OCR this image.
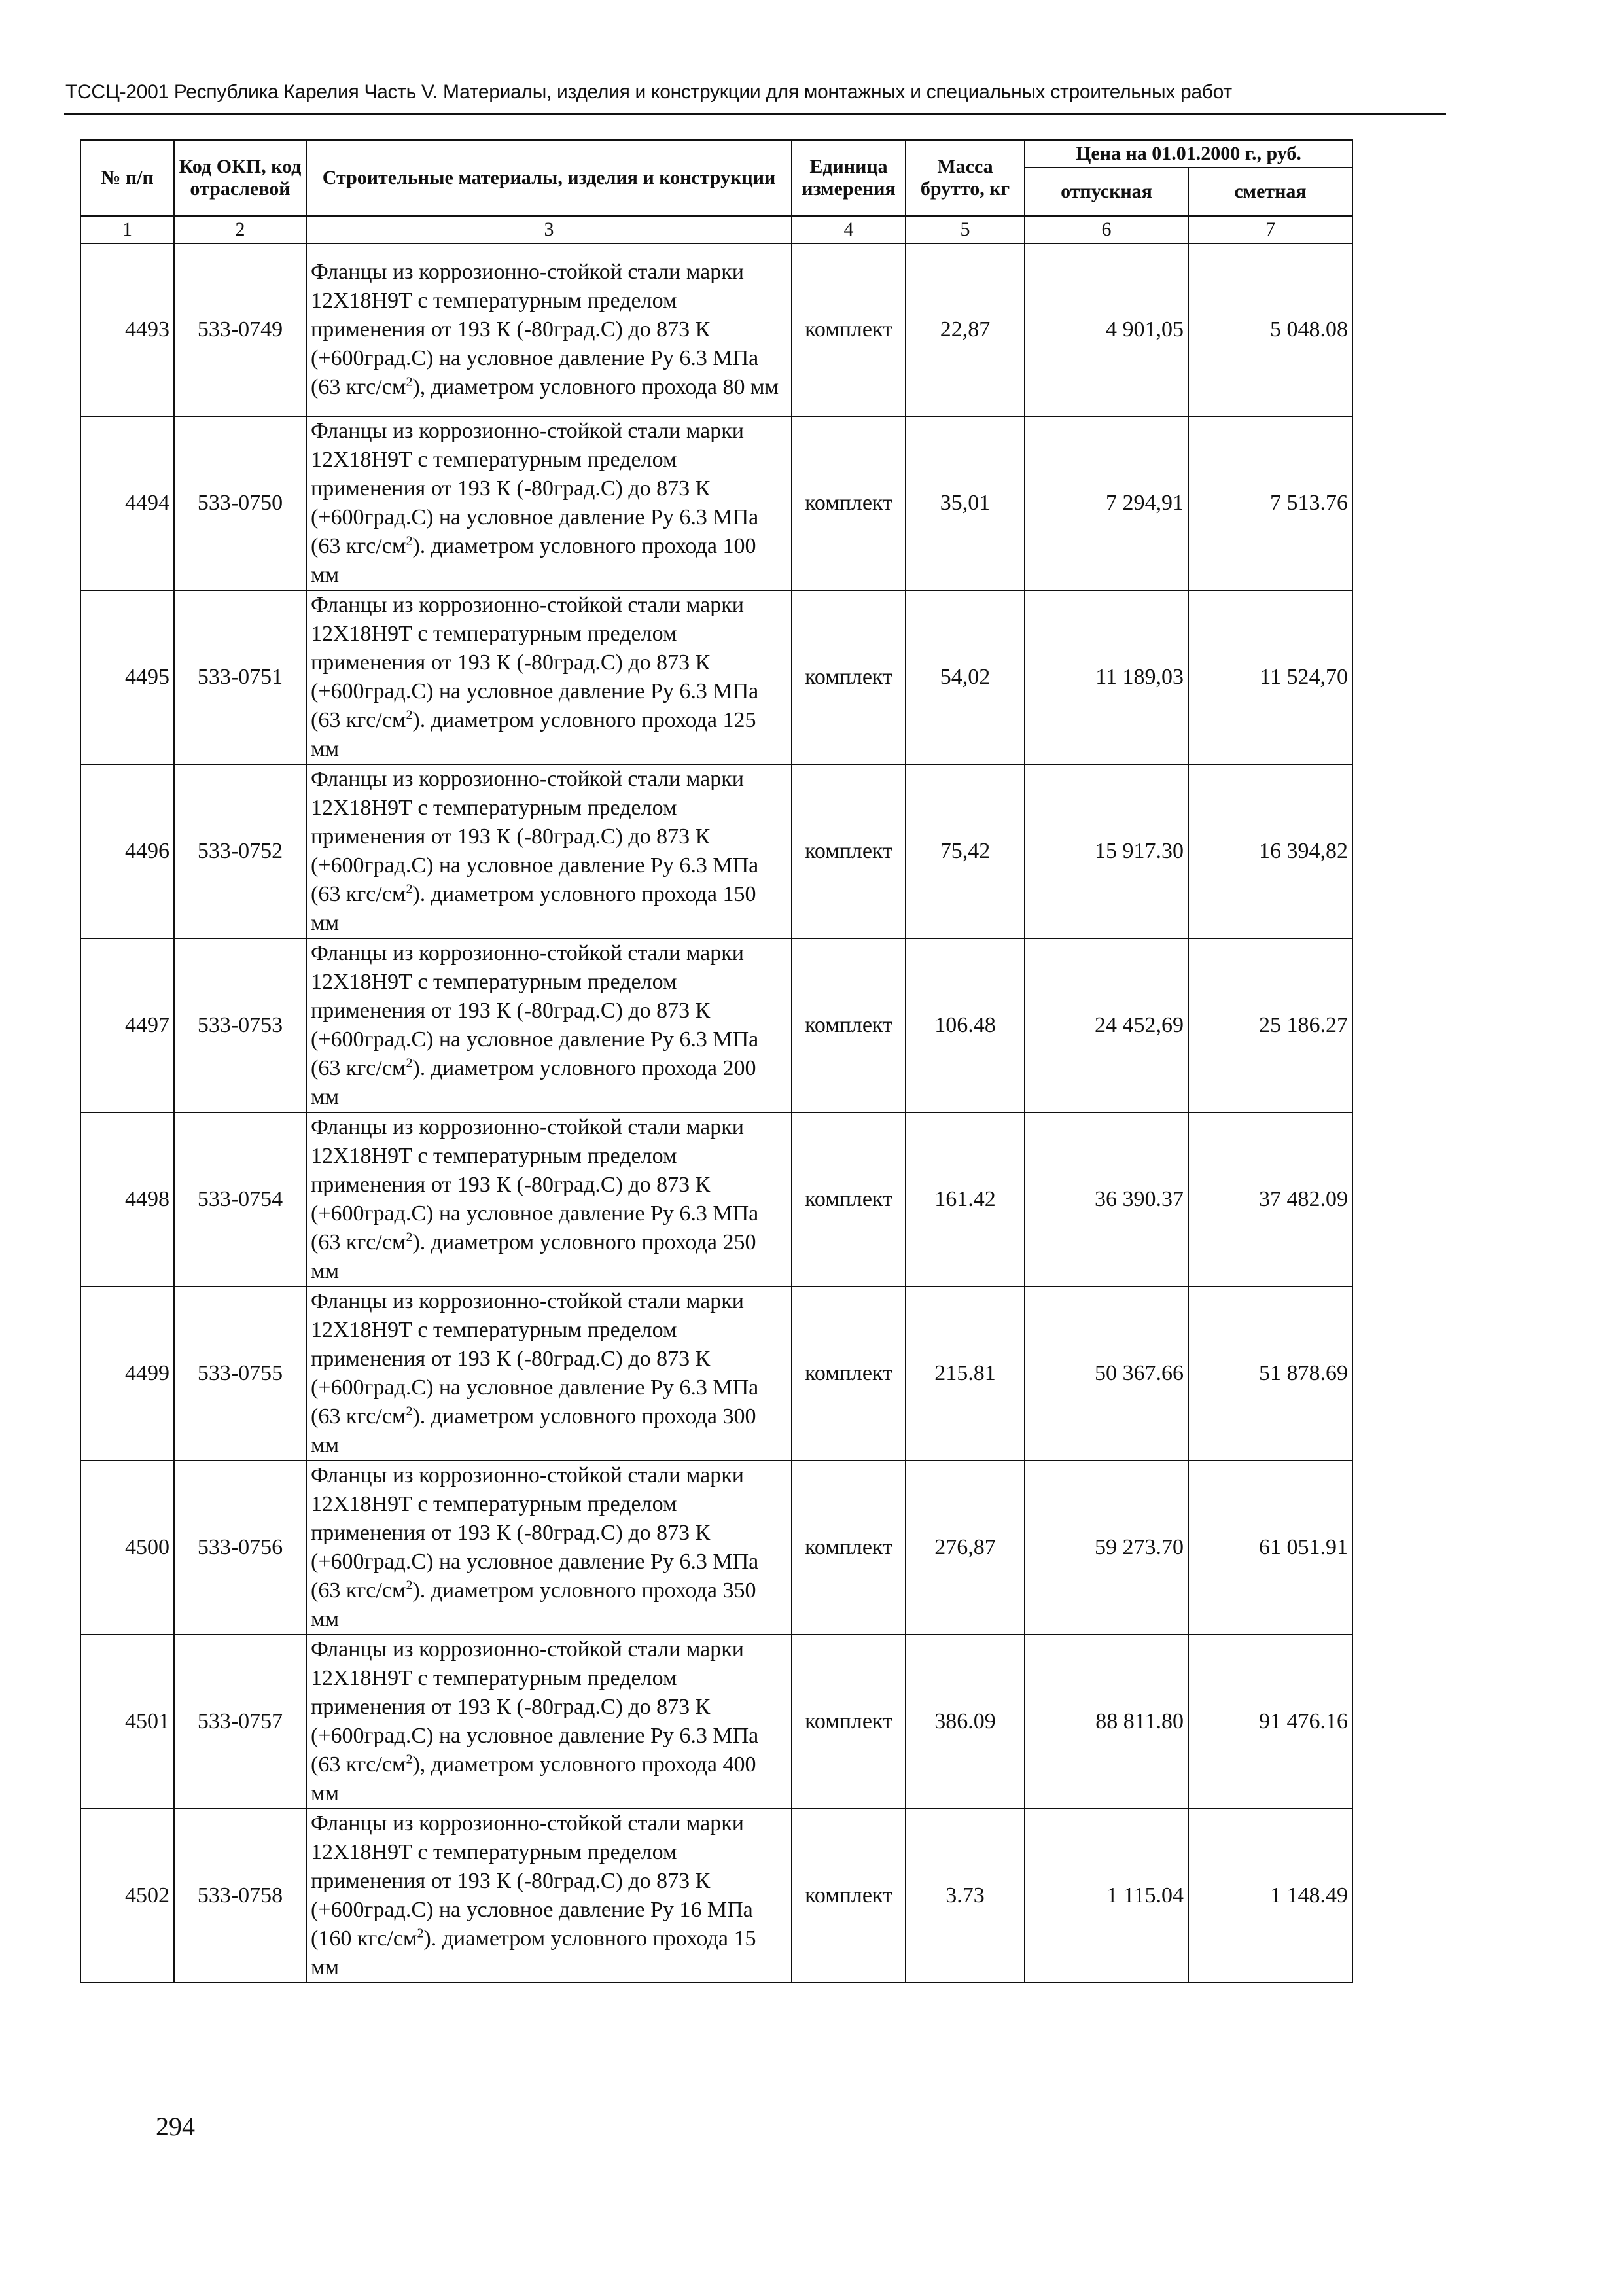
ТССЦ-2001 Республика Карелия Часть V. Материалы, изделия и конструкции для монтажных и специальных строительных работ
№ п/п	Код ОКП, код отраслевой	Строительные материалы, изделия и конструкции	Единица измерения	Масса брутто, кг	Цена на 01.01.2000 г., руб.	
					отпускная	сметная
1	2	3	4	5	6	7
4493	533-0749	Фланцы из коррозионно-стойкой стали марки 12Х18Н9Т с температурным пределом применения от 193 К (-80град.С) до 873 К (+600град.С) на условное давление Ру 6.3 МПа (63 кгс/$см^2$), диаметром условного прохода 80 мм	комплект	22,87	4 901,05	5 048.08
4494	533-0750	Фланцы из коррозионно-стойкой стали марки 12Х18Н9Т с температурным пределом применения от 193 К (-80град.С) до 873 К (+600град.С) на условное давление Ру 6.3 МПа (63 кгс/$см^2$). диаметром условного прохода 100 мм	комплект	35,01	7 294,91	7 513.76
4495	533-0751	Фланцы из коррозионно-стойкой стали марки 12Х18Н9Т с температурным пределом применения от 193 К (-80град.С) до 873 К (+600град.С) на условное давление Ру 6.3 МПа (63 кгс/$см^2$). диаметром условного прохода 125 мм	комплект	54,02	11 189,03	11 524,70
4496	533-0752	Фланцы из коррозионно-стойкой стали марки 12Х18Н9Т с температурным пределом применения от 193 К (-80град.С) до 873 К (+600град.С) на условное давление Ру 6.3 МПа (63 кгс/$см^2$). диаметром условного прохода 150 мм	комплект	75,42	15 917.30	16 394,82
4497	533-0753	Фланцы из коррозионно-стойкой стали марки 12Х18Н9Т с температурным пределом применения от 193 К (-80град.С) до 873 К (+600град.С) на условное давление Ру 6.3 МПа (63 кгс/$см^2$). диаметром условного прохода 200 мм	комплект	106.48	24 452,69	25 186.27
4498	533-0754	Фланцы из коррозионно-стойкой стали марки 12Х18Н9Т с температурным пределом применения от 193 К (-80град.С) до 873 К (+600град.С) на условное давление Ру 6.3 МПа (63 кгс/$см^2$). диаметром условного прохода 250 мм	комплект	161.42	36 390.37	37 482.09
4499	533-0755	Фланцы из коррозионно-стойкой стали марки 12Х18Н9Т с температурным пределом применения от 193 К (-80град.С) до 873 К (+600град.С) на условное давление Ру 6.3 МПа (63 кгс/$см^2$). диаметром условного прохода 300 мм	комплект	215.81	50 367.66	51 878.69
4500	533-0756	Фланцы из коррозионно-стойкой стали марки 12Х18Н9Т с температурным пределом применения от 193 К (-80град.С) до 873 К (+600град.С) на условное давление Ру 6.3 МПа (63 кгс/$см^2$). диаметром условного прохода 350 мм	комплект	276,87	59 273.70	61 051.91
4501	533-0757	Фланцы из коррозионно-стойкой стали марки 12Х18Н9Т с температурным пределом применения от 193 К (-80град.С) до 873 К (+600град.С) на условное давление Ру 6.3 МПа (63 кгс/$см^2$), диаметром условного прохода 400 мм	комплект	386.09	88 811.80	91 476.16
4502	533-0758	Фланцы из коррозионно-стойкой стали марки 12Х18Н9Т с температурным пределом применения от 193 К (-80град.С) до 873 К (+600град.С) на условное давление Ру 16 МПа (160 кгс/$см^2$). диаметром условного прохода 15 мм	комплект	3.73	1 115.04	1 148.49
294
